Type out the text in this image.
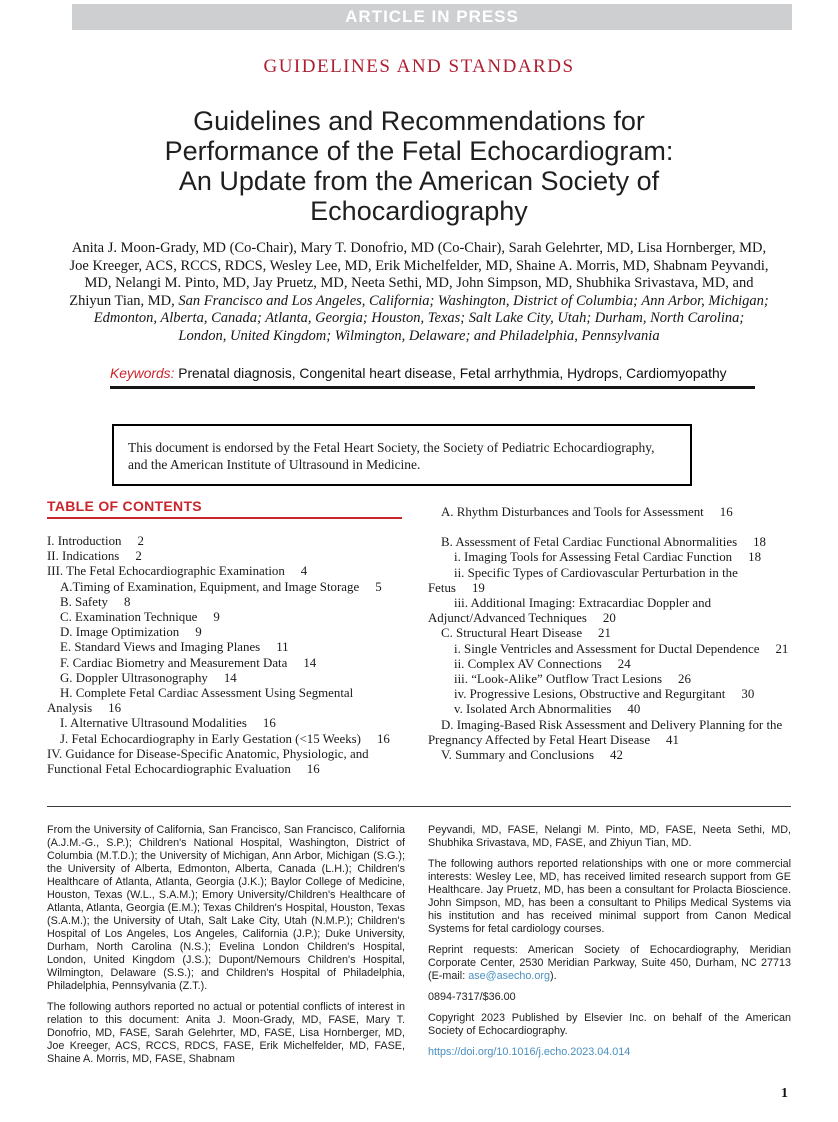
ARTICLE IN PRESS
GUIDELINES AND STANDARDS
Guidelines and Recommendations for
Performance of the Fetal Echocardiogram:
An Update from the American Society of
Echocardiography

Anita J. Moon-Grady, MD (Co-Chair), Mary T. Donofrio, MD (Co-Chair), Sarah Gelehrter, MD, Lisa Hornberger, MD, Joe Kreeger, ACS, RCCS, RDCS, Wesley Lee, MD, Erik Michelfelder, MD, Shaine A. Morris, MD, Shabnam Peyvandi, MD, Nelangi M. Pinto, MD, Jay Pruetz, MD, Neeta Sethi, MD, John Simpson, MD, Shubhika Srivastava, MD, and Zhiyun Tian, MD, San Francisco and Los Angeles, California; Washington, District of Columbia; Ann Arbor, Michigan; Edmonton, Alberta, Canada; Atlanta, Georgia; Houston, Texas; Salt Lake City, Utah; Durham, North Carolina; London, United Kingdom; Wilmington, Delaware; and Philadelphia, Pennsylvania

Keywords: Prenatal diagnosis, Congenital heart disease, Fetal arrhythmia, Hydrops, Cardiomyopathy

This document is endorsed by the Fetal Heart Society, the Society of Pediatric Echocardiography, and the American Institute of Ultrasound in Medicine.

TABLE OF CONTENTS
I. Introduction 2
II. Indications 2
III. The Fetal Echocardiographic Examination 4
A.Timing of Examination, Equipment, and Image Storage 5
B. Safety 8
C. Examination Technique 9
D. Image Optimization 9
E. Standard Views and Imaging Planes 11
F. Cardiac Biometry and Measurement Data 14
G. Doppler Ultrasonography 14
H. Complete Fetal Cardiac Assessment Using Segmental Analysis 16
I. Alternative Ultrasound Modalities 16
J. Fetal Echocardiography in Early Gestation (<15 Weeks) 16
IV. Guidance for Disease-Specific Anatomic, Physiologic, and Functional Fetal Echocardiographic Evaluation 16
A. Rhythm Disturbances and Tools for Assessment 16
B. Assessment of Fetal Cardiac Functional Abnormalities 18
i. Imaging Tools for Assessing Fetal Cardiac Function 18
ii. Specific Types of Cardiovascular Perturbation in the Fetus 19
iii. Additional Imaging: Extracardiac Doppler and Adjunct/Advanced Techniques 20
C. Structural Heart Disease 21
i. Single Ventricles and Assessment for Ductal Dependence 21
ii. Complex AV Connections 24
iii. “Look-Alike” Outflow Tract Lesions 26
iv. Progressive Lesions, Obstructive and Regurgitant 30
v. Isolated Arch Abnormalities 40
D. Imaging-Based Risk Assessment and Delivery Planning for the Pregnancy Affected by Fetal Heart Disease 41
V. Summary and Conclusions 42

From the University of California, San Francisco, San Francisco, California (A.J.M.-G., S.P.); Children's National Hospital, Washington, District of Columbia (M.T.D.); the University of Michigan, Ann Arbor, Michigan (S.G.); the University of Alberta, Edmonton, Alberta, Canada (L.H.); Children's Healthcare of Atlanta, Atlanta, Georgia (J.K.); Baylor College of Medicine, Houston, Texas (W.L., S.A.M.); Emory University/Children's Healthcare of Atlanta, Atlanta, Georgia (E.M.); Texas Children's Hospital, Houston, Texas (S.A.M.); the University of Utah, Salt Lake City, Utah (N.M.P.); Children's Hospital of Los Angeles, Los Angeles, California (J.P.); Duke University, Durham, North Carolina (N.S.); Evelina London Children's Hospital, London, United Kingdom (J.S.); Dupont/Nemours Children's Hospital, Wilmington, Delaware (S.S.); and Children's Hospital of Philadelphia, Philadelphia, Pennsylvania (Z.T.).

The following authors reported no actual or potential conflicts of interest in relation to this document: Anita J. Moon-Grady, MD, FASE, Mary T. Donofrio, MD, FASE, Sarah Gelehrter, MD, FASE, Lisa Hornberger, MD, Joe Kreeger, ACS, RCCS, RDCS, FASE, Erik Michelfelder, MD, FASE, Shaine A. Morris, MD, FASE, Shabnam

Peyvandi, MD, FASE, Nelangi M. Pinto, MD, FASE, Neeta Sethi, MD, Shubhika Srivastava, MD, FASE, and Zhiyun Tian, MD.

The following authors reported relationships with one or more commercial interests: Wesley Lee, MD, has received limited research support from GE Healthcare. Jay Pruetz, MD, has been a consultant for Prolacta Bioscience. John Simpson, MD, has been a consultant to Philips Medical Systems via his institution and has received minimal support from Canon Medical Systems for fetal cardiology courses.

Reprint requests: American Society of Echocardiography, Meridian Corporate Center, 2530 Meridian Parkway, Suite 450, Durham, NC 27713 (E-mail: ase@asecho.org).

0894-7317/$36.00

Copyright 2023 Published by Elsevier Inc. on behalf of the American Society of Echocardiography.

https://doi.org/10.1016/j.echo.2023.04.014

1
